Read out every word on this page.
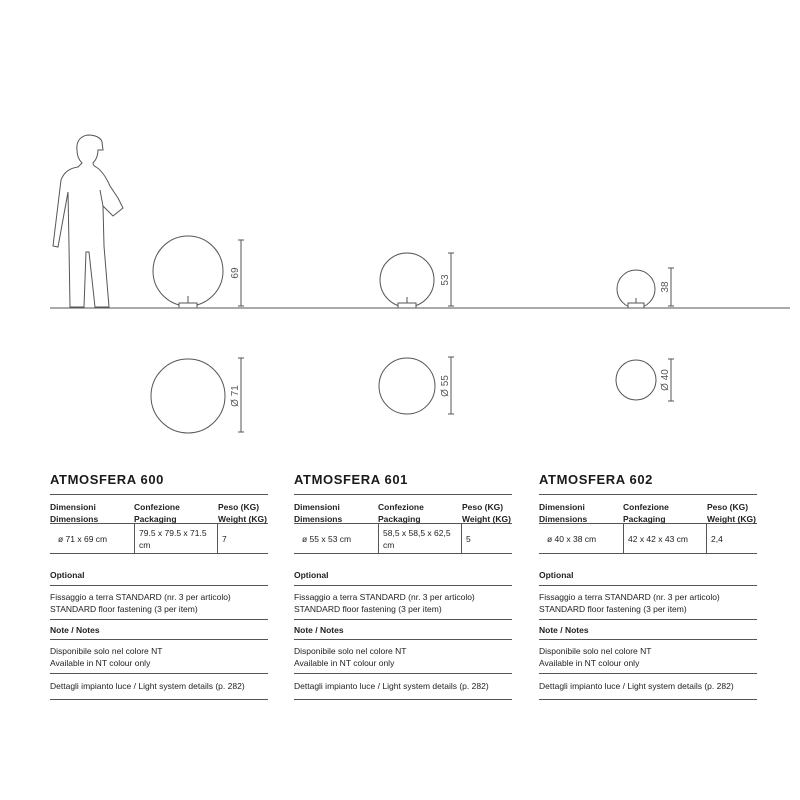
69
Ø 71
53
Ø 55
38
Ø 40
ATMOSFERA 600
Dimensioni
Dimensions
Confezione
Packaging
Peso (KG)
Weight (KG)
ø 71 x 69 cm
79.5 x 79.5 x 71.5 cm
7
Optional
Fissaggio a terra STANDARD (nr. 3 per articolo)
STANDARD floor fastening (3 per item)
Note / Notes
Disponibile solo nel colore NT
Available in NT colour only
Dettagli impianto luce / Light system details (p. 282)
ATMOSFERA 601
Dimensioni
Dimensions
Confezione
Packaging
Peso (KG)
Weight (KG)
ø 55 x 53 cm
58,5 x 58,5 x 62,5 cm
5
Optional
Fissaggio a terra STANDARD (nr. 3 per articolo)
STANDARD floor fastening (3 per item)
Note / Notes
Disponibile solo nel colore NT
Available in NT colour only
Dettagli impianto luce / Light system details (p. 282)
ATMOSFERA 602
Dimensioni
Dimensions
Confezione
Packaging
Peso (KG)
Weight (KG)
ø 40 x 38 cm	42 x 42 x 43 cm	2,4
Optional
Fissaggio a terra STANDARD (nr. 3 per articolo)
STANDARD floor fastening (3 per item)
Note / Notes
Disponibile solo nel colore NT
Available in NT colour only
Dettagli impianto luce / Light system details (p. 282)
